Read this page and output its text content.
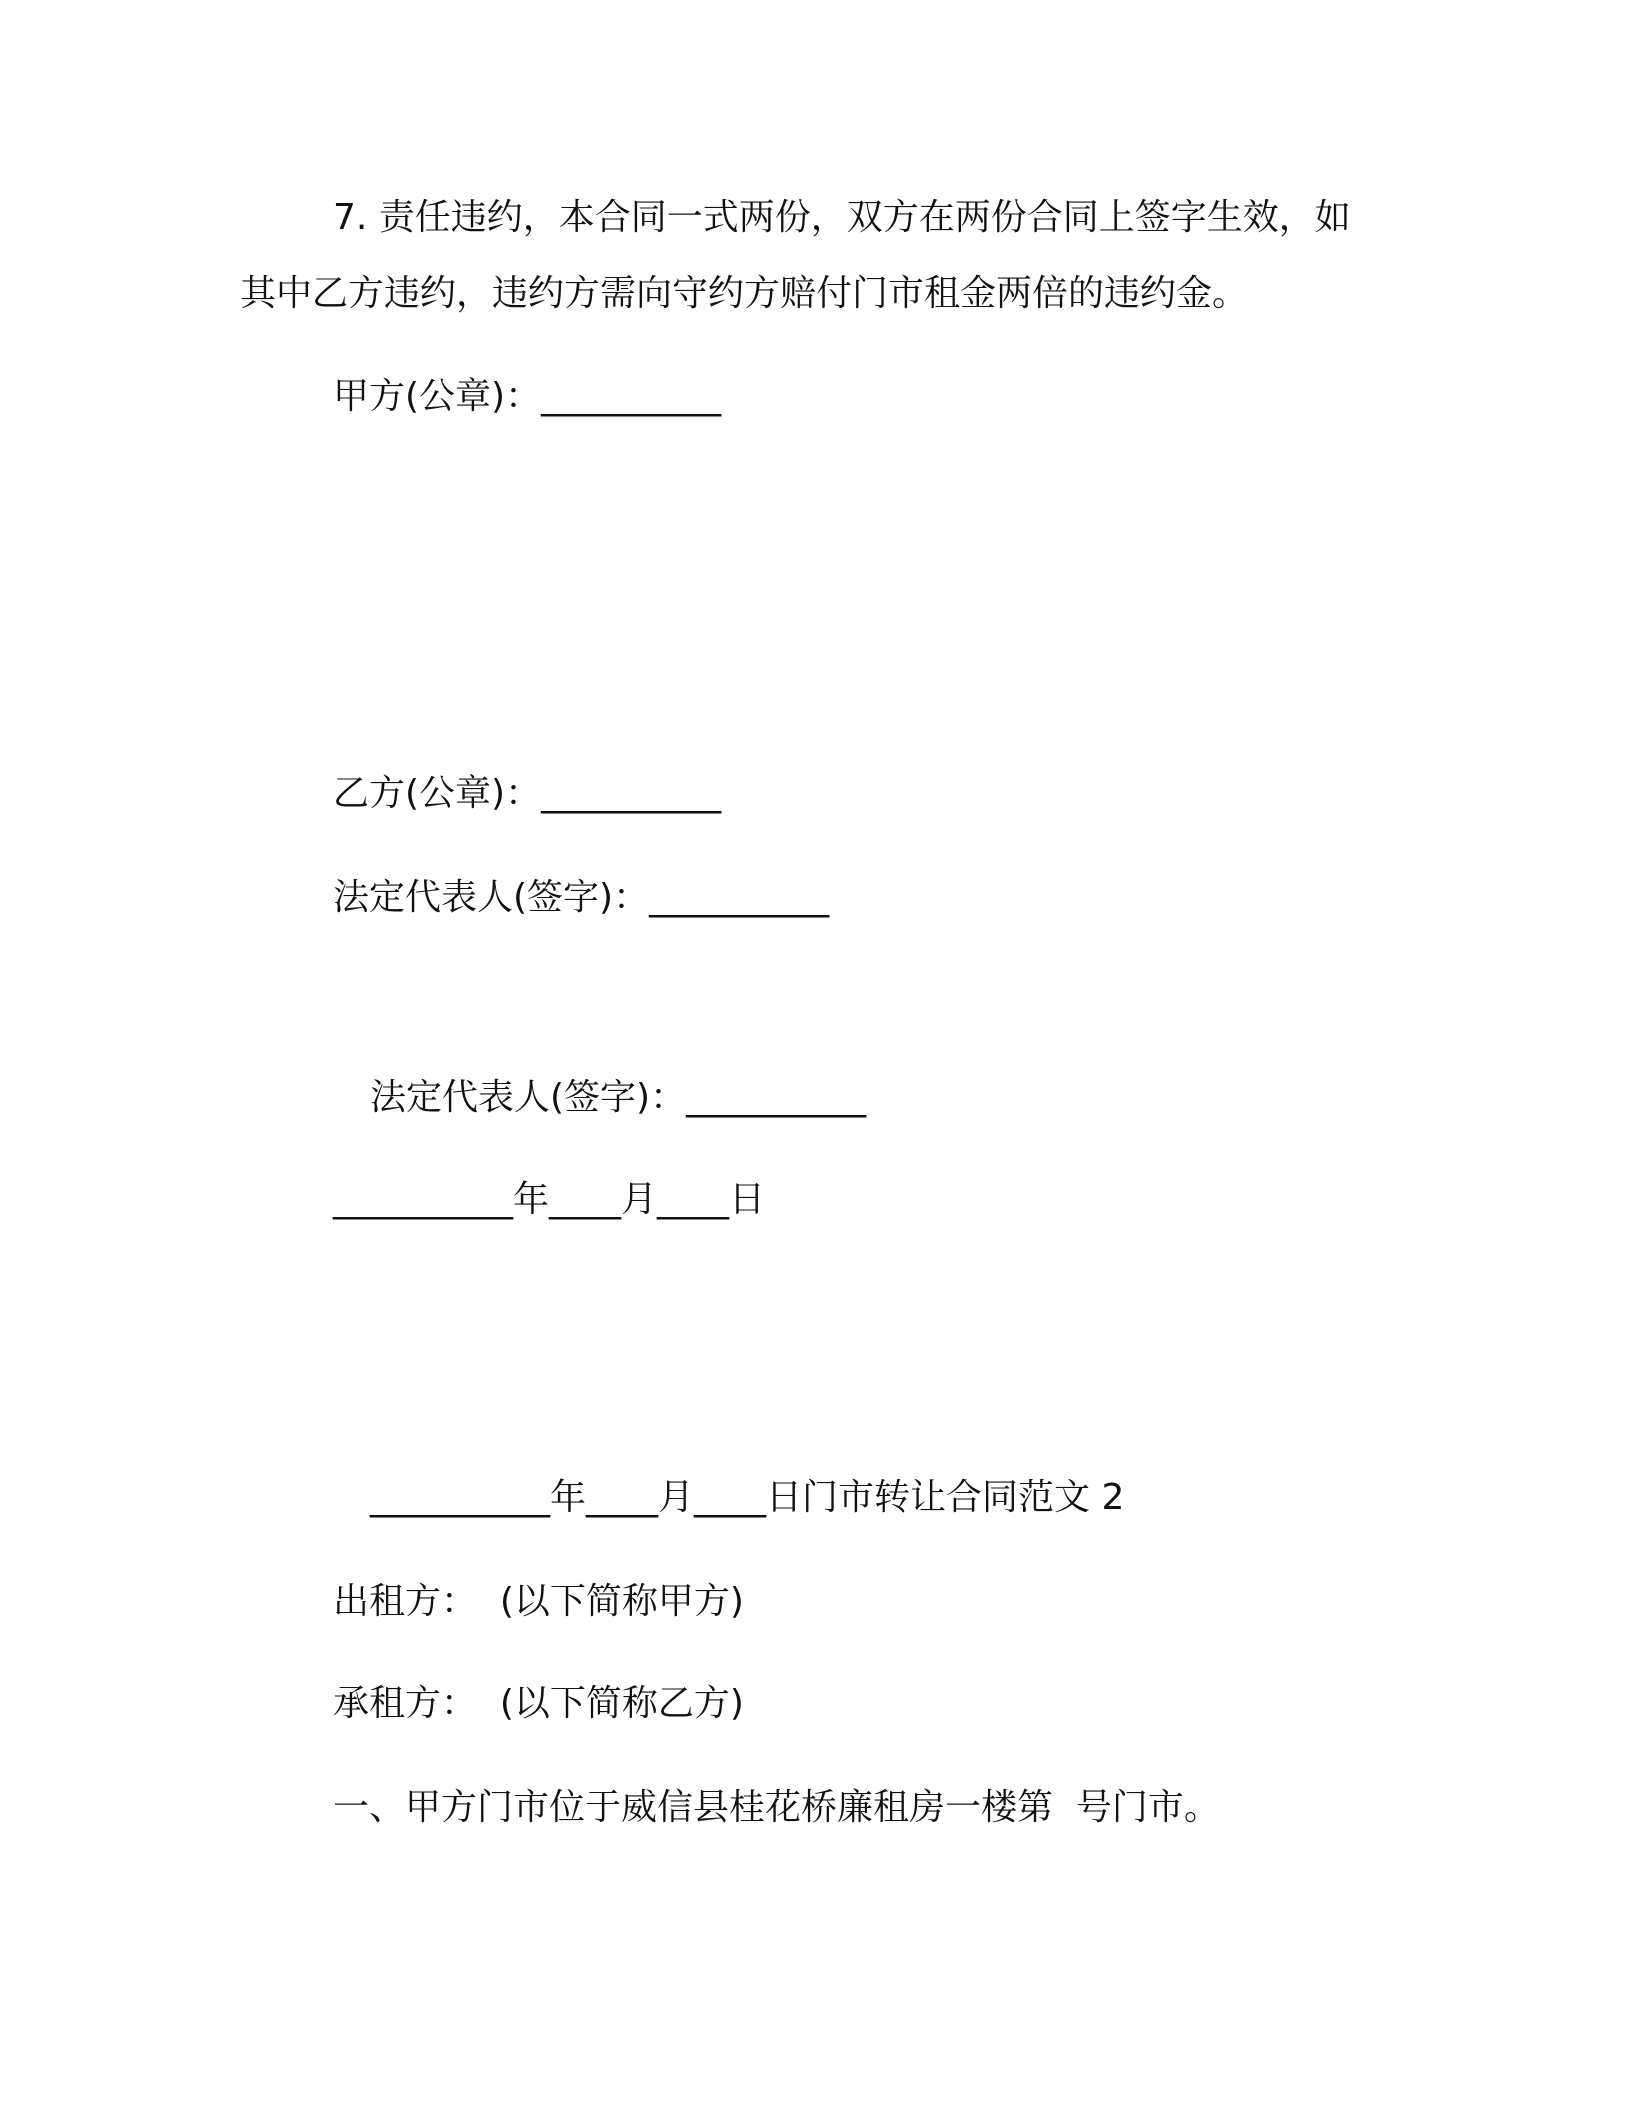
7. 责任违约，本合同一式两份，双方在两份合同上签字生效，如
其中乙方违约，违约方需向守约方赔付门市租金两倍的违约金。
甲方(公章)：__________
乙方(公章)：__________
法定代表人(签字)：__________
法定代表人(签字)：__________
__________年____月____日
__________年____月____日门市转让合同范文 2
出租方：  (以下简称甲方)
承租方：  (以下简称乙方)
一、甲方门市位于威信县桂花桥廉租房一楼第  号门市。
